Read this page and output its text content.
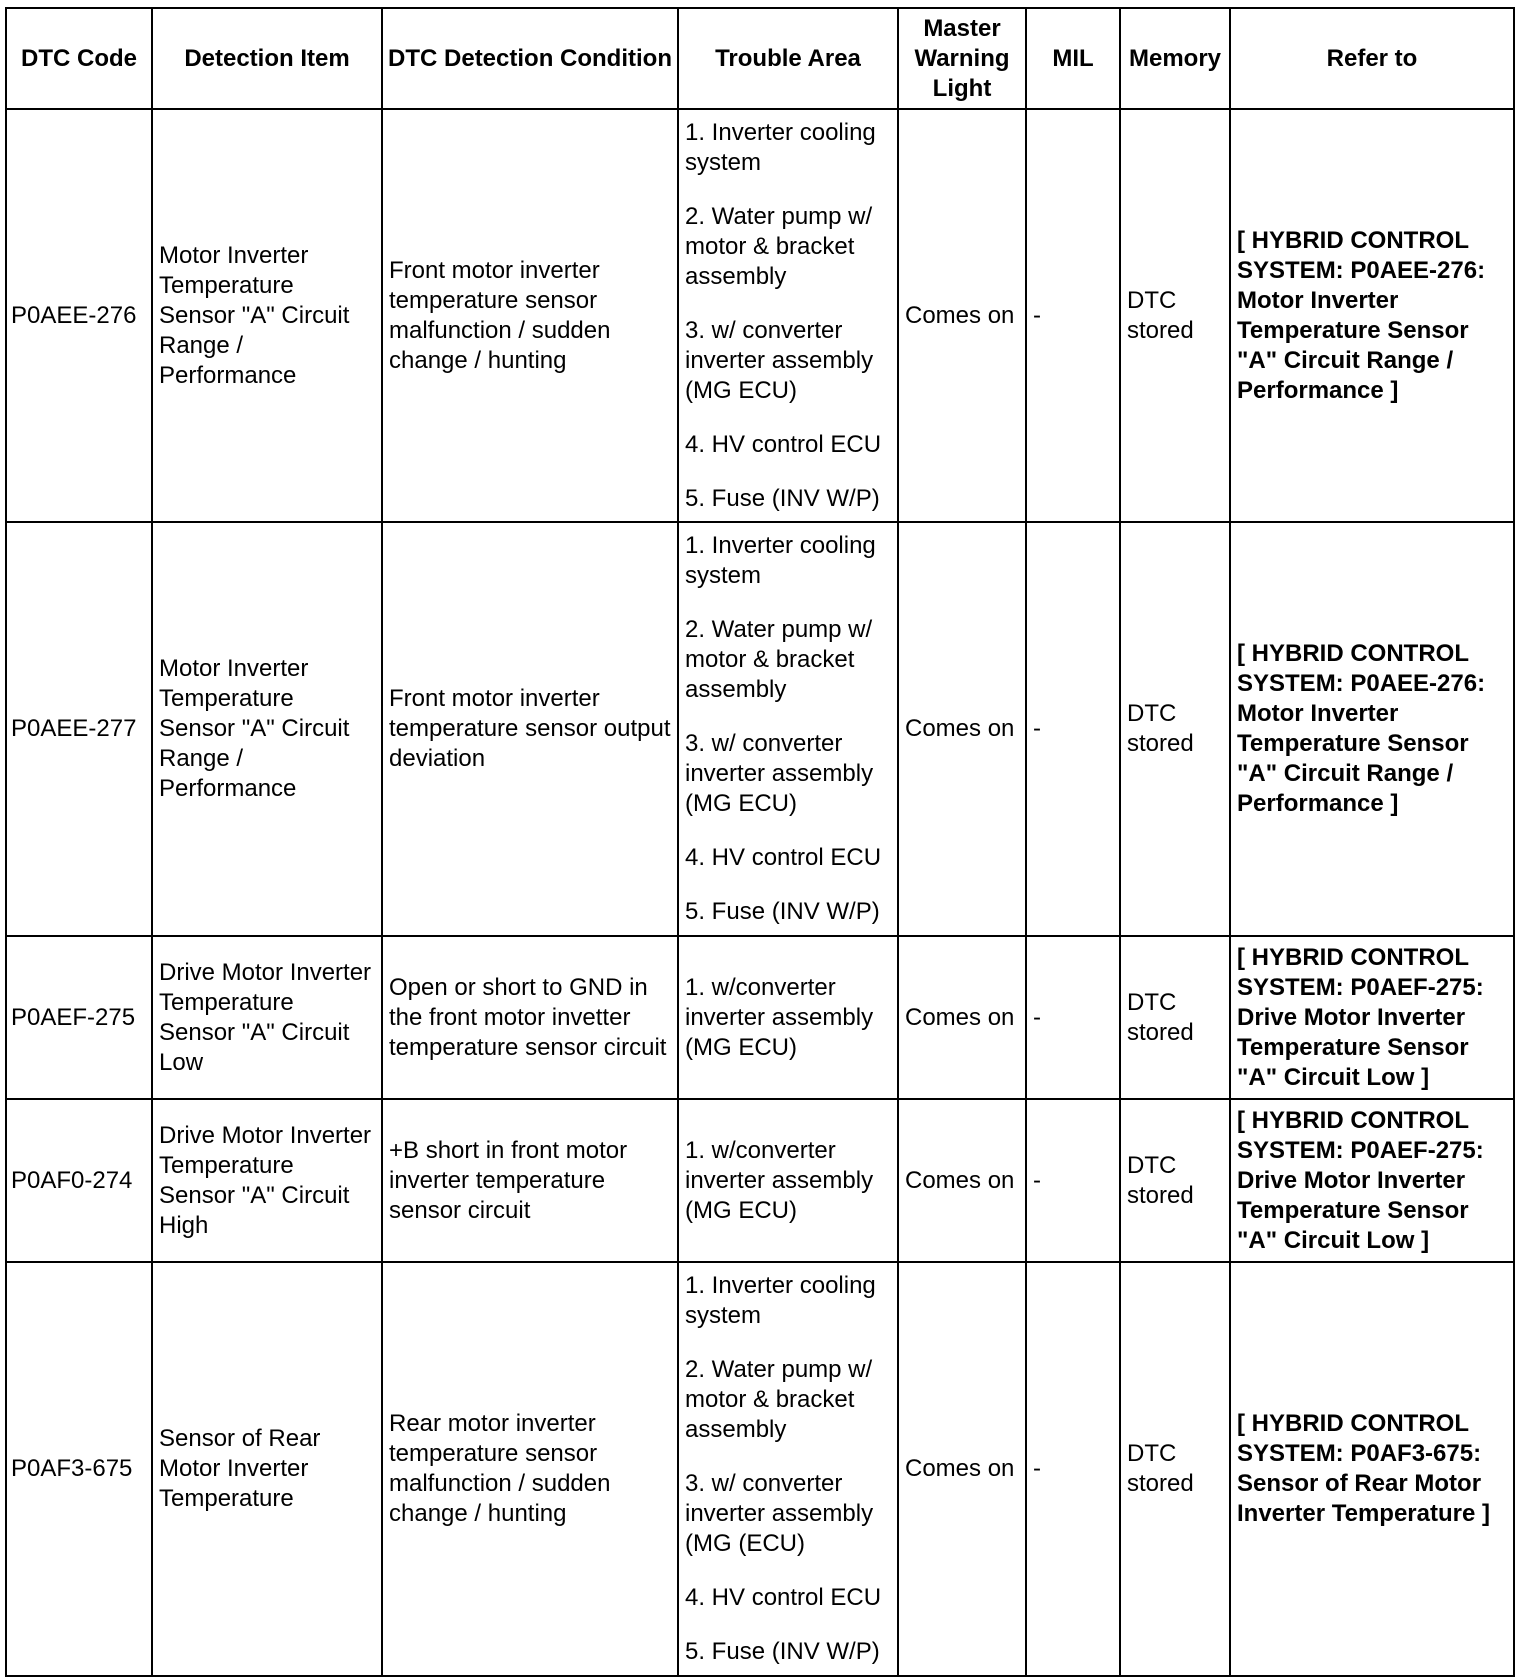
DTC Code	Detection Item	DTC Detection Condition	Trouble Area	Master Warning Light	MIL	Memory	Refer to
P0AEE-276	Motor Inverter Temperature Sensor "A" Circuit Range / Performance	Front motor inverter temperature sensor malfunction / sudden change / hunting	1. Inverter cooling system
2. Water pump w/ motor & bracket assembly
3. w/ converter inverter assembly (MG ECU)
4. HV control ECU
5. Fuse (INV W/P)	Comes on	-	DTC stored	[ HYBRID CONTROL SYSTEM: P0AEE-276: Motor Inverter Temperature Sensor "A" Circuit Range / Performance ]
P0AEE-277	Motor Inverter Temperature Sensor "A" Circuit Range / Performance	Front motor inverter temperature sensor output deviation	1. Inverter cooling system
2. Water pump w/ motor & bracket assembly
3. w/ converter inverter assembly (MG ECU)
4. HV control ECU
5. Fuse (INV W/P)	Comes on	-	DTC stored	[ HYBRID CONTROL SYSTEM: P0AEE-276: Motor Inverter Temperature Sensor "A" Circuit Range / Performance ]
P0AEF-275	Drive Motor Inverter Temperature Sensor "A" Circuit Low	Open or short to GND in the front motor invetter temperature sensor circuit	1. w/converter inverter assembly (MG ECU)	Comes on	-	DTC stored	[ HYBRID CONTROL SYSTEM: P0AEF-275: Drive Motor Inverter Temperature Sensor "A" Circuit Low ]
P0AF0-274	Drive Motor Inverter Temperature Sensor "A" Circuit High	+B short in front motor inverter temperature sensor circuit	1. w/converter inverter assembly (MG ECU)	Comes on	-	DTC stored	[ HYBRID CONTROL SYSTEM: P0AEF-275: Drive Motor Inverter Temperature Sensor "A" Circuit Low ]
P0AF3-675	Sensor of Rear Motor Inverter Temperature	Rear motor inverter temperature sensor malfunction / sudden change / hunting	1. Inverter cooling system
2. Water pump w/ motor & bracket assembly
3. w/ converter inverter assembly (MG (ECU)
4. HV control ECU
5. Fuse (INV W/P)	Comes on	-	DTC stored	[ HYBRID CONTROL SYSTEM: P0AF3-675: Sensor of Rear Motor Inverter Temperature ]
